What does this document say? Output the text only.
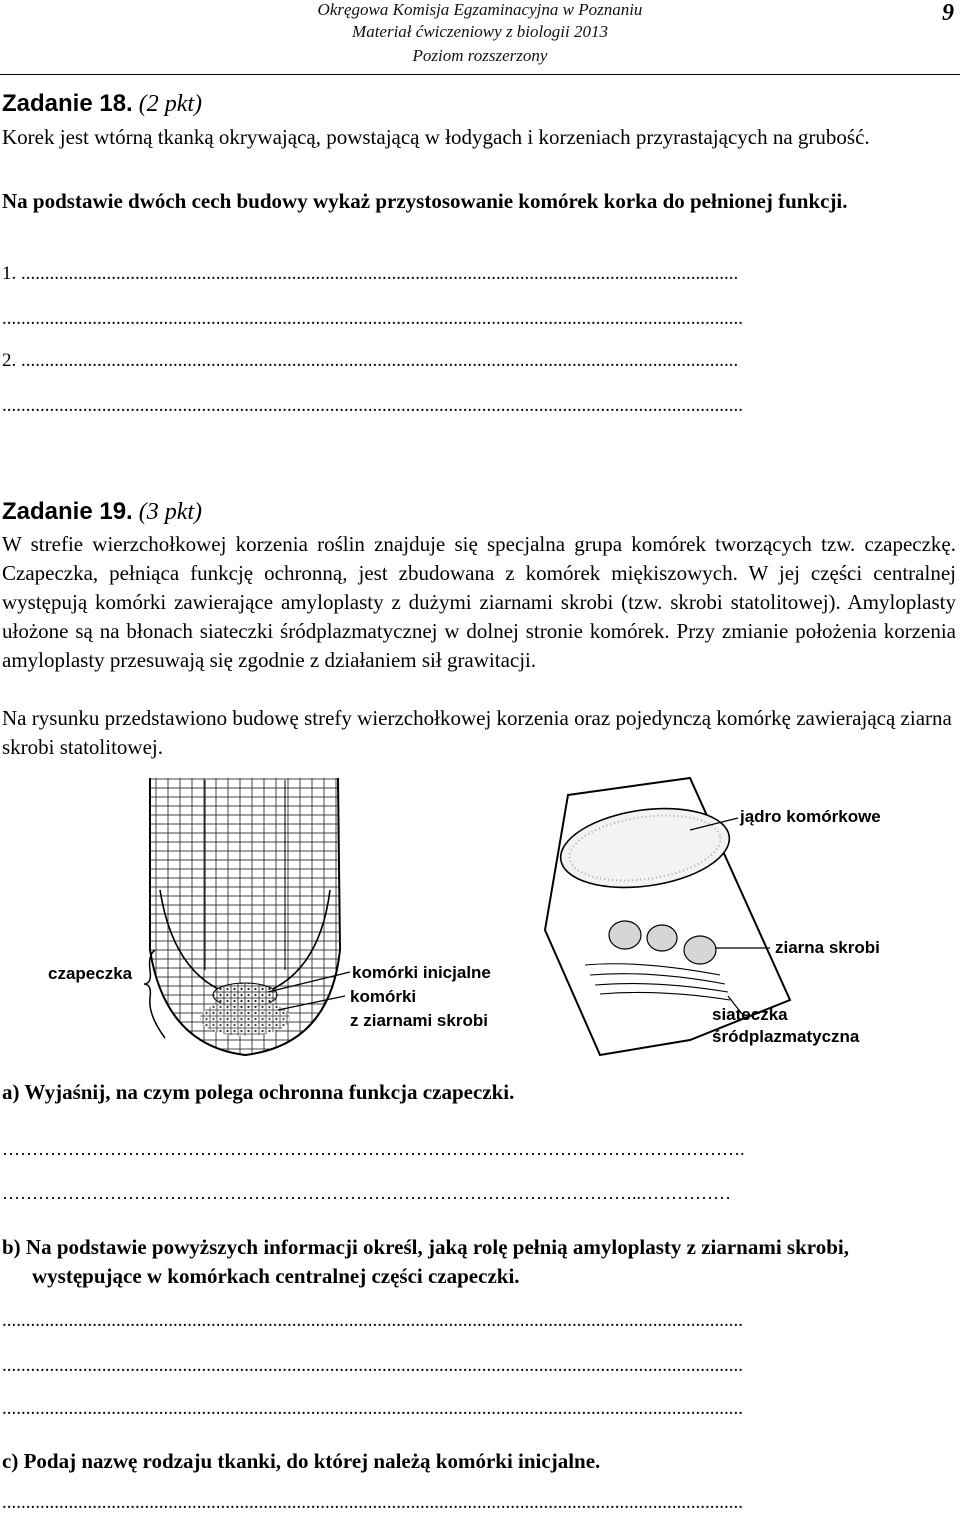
Okręgowa Komisja Egzaminacyjna w Poznaniu
Materiał ćwiczeniowy z biologii 2013
Poziom rozszerzony
9
Zadanie 18. (2 pkt)
Korek jest wtórną tkanką okrywającą, powstającą w łodygach i korzeniach przyrastających na grubość.
Na podstawie dwóch cech budowy wykaż przystosowanie komórek korka do pełnionej funkcji.
1. .......................................................................................................................................................
............................................................................................................................................................
2. .......................................................................................................................................................
............................................................................................................................................................
Zadanie 19. (3 pkt)
W strefie wierzchołkowej korzenia roślin znajduje się specjalna grupa komórek tworzących tzw. czapeczkę. Czapeczka, pełniąca funkcję ochronną, jest zbudowana z komórek miękiszowych. W jej części centralnej występują komórki zawierające amyloplasty z dużymi ziarnami skrobi (tzw. skrobi statolitowej). Amyloplasty ułożone są na błonach siateczki śródplazmatycznej w dolnej stronie komórek. Przy zmianie położenia korzenia amyloplasty przesuwają się zgodnie z działaniem sił grawitacji.
Na rysunku przedstawiono budowę strefy wierzchołkowej korzenia oraz pojedynczą komórkę zawierającą ziarna skrobi statolitowej.
czapeczka	komórki inicjalne
komórki
z ziarnami skrobi
jądro komórkowe
ziarna skrobi
siateczka
śródplazmatyczna
a) Wyjaśnij, na czym polega ochronna funkcja czapeczki.
…………………………………………………………………………………………………………….
……………………………………………………………………………………………..……………
b) Na podstawie powyższych informacji określ, jaką rolę pełnią amyloplasty z ziarnami skrobi, występujące w komórkach centralnej części czapeczki.
............................................................................................................................................................
............................................................................................................................................................
............................................................................................................................................................
c) Podaj nazwę rodzaju tkanki, do której należą komórki inicjalne.
............................................................................................................................................................
